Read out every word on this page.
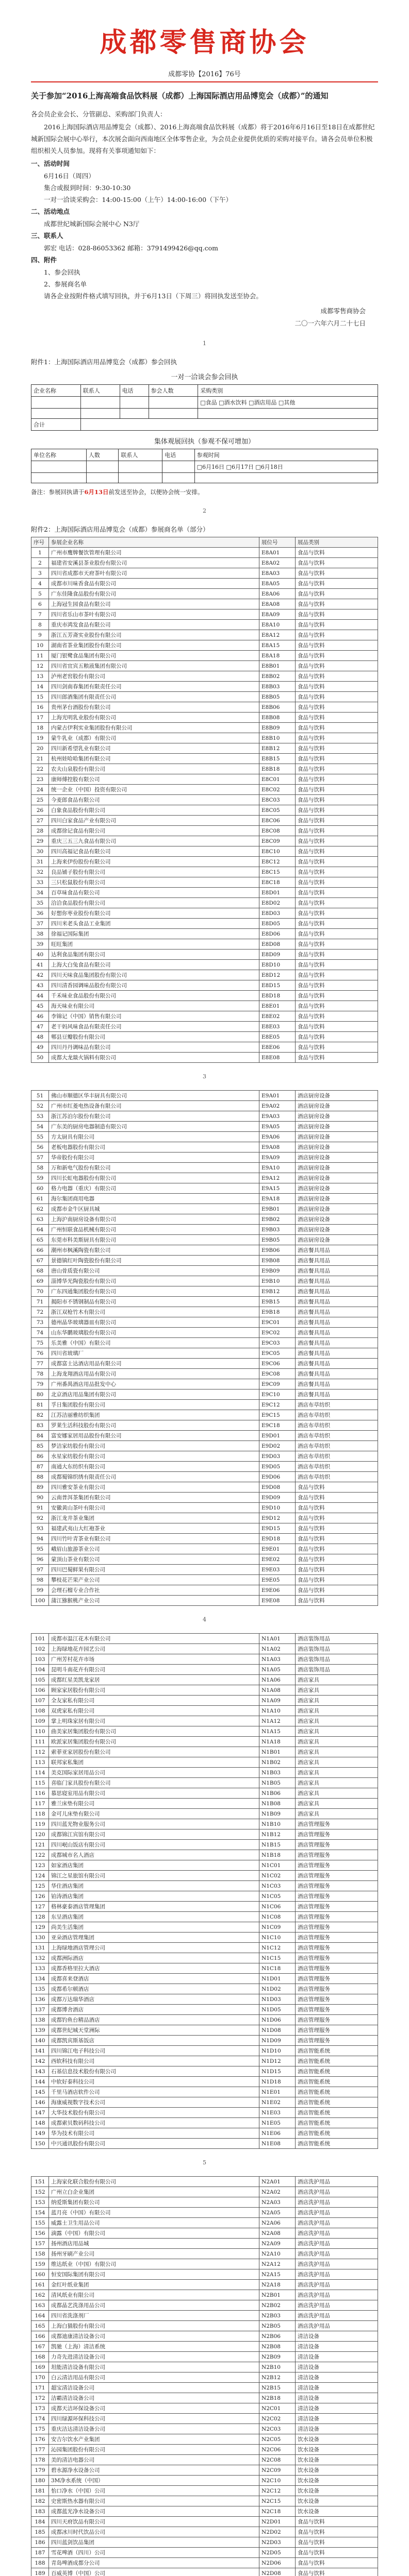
成都零售商协会
成都零协【2016】76号
关于参加“2016上海高端食品饮料展（成都）上海国际酒店用品博览会（成都）”的通知
各会员企业会长、分管副总、采购部门负责人：
2016上海国际酒店用品博览会（成都）、2016上海高端食品饮料展（成都）将于2016年6月16日至18日在成都世纪城新国际会展中心举行，本次展会面向西南地区全体零售企业，为会员企业提供优质的采购对接平台。请各会员单位积极组织相关人员参加。现将有关事项通知如下：
一、活动时间
6月16日（周四）
集合或报到时间：9:30-10:30
一对一洽谈采购会：14:00-15:00（上午）14:00-16:00（下午）
二、活动地点
成都世纪城新国际会展中心 N3厅
三、联系人
郭宏 电话：028-86053362 邮箱：3791499426@qq.com
四、附件
1、参会回执
2、参展商名单
请各企业按附件格式填写回执，并于6月13日（下周三）将回执发送至协会。
成都零售商协会
二〇一六年六月二十七日
1
附件1：上海国际酒店用品博览会（成都）参会回执
一对一洽谈会参会回执
企业名称	联系人	电话	参会人数	采购类别
				□食品 □酒水饮料 □酒店用品 □其他

合计				
集体观展回执（参观不保可增加）
单位名称	人数	联系人	电话	参观时间
				□6月16日 □6月17日 □6月18日

备注：参展回执请于6月13日前发送至协会，以便协会统一安排。
2
附件2：上海国际酒店用品博览会（成都）参展商名单（部分）
序号	参展企业名称	展位号	展品类别
1	广州市鹰牌餐饮管理有限公司	E8A01	食品与饮料
2	福建省安溪县茶业股份有限公司	E8A02	食品与饮料
3	四川省成都市天府茶叶有限公司	E8A03	食品与饮料
4	成都市川味香食品有限公司	E8A05	食品与饮料
5	广东佳隆食品股份有限公司	E8A06	食品与饮料
6	上海冠生园食品有限公司	E8A08	食品与饮料
7	四川省乐山市茶叶有限公司	E8A09	食品与饮料
8	重庆市鸿发食品有限公司	E8A10	食品与饮料
9	浙江五芳斋实业股份有限公司	E8A12	食品与饮料
10	湖南省茶业集团股份有限公司	E8A15	食品与饮料
11	厦门银鹭食品集团有限公司	E8A18	食品与饮料
12	四川省宜宾五粮液集团有限公司	E8B01	食品与饮料
13	泸州老窖股份有限公司	E8B02	食品与饮料
14	四川剑南春集团有限责任公司	E8B03	食品与饮料
15	四川郎酒集团有限责任公司	E8B05	食品与饮料
16	贵州茅台酒股份有限公司	E8B06	食品与饮料
17	上海光明乳业股份有限公司	E8B08	食品与饮料
18	内蒙古伊利实业集团股份有限公司	E8B09	食品与饮料
19	蒙牛乳业（成都）有限公司	E8B10	食品与饮料
20	四川新希望乳业有限公司	E8B12	食品与饮料
21	杭州娃哈哈集团有限公司	E8B15	食品与饮料
22	农夫山泉股份有限公司	E8B18	食品与饮料
23	康师傅控股有限公司	E8C01	食品与饮料
24	统一企业（中国）投资有限公司	E8C02	食品与饮料
25	今麦郎食品有限公司	E8C03	食品与饮料
26	白象食品股份有限公司	E8C05	食品与饮料
27	四川白家食品产业有限公司	E8C06	食品与饮料
28	成都徐记食品有限公司	E8C08	食品与饮料
29	重庆三五三九食品有限公司	E8C09	食品与饮料
30	四川高福记食品有限公司	E8C10	食品与饮料
31	上海来伊份股份有限公司	E8C12	食品与饮料
32	良品铺子股份有限公司	E8C15	食品与饮料
33	三只松鼠股份有限公司	E8C18	食品与饮料
34	百草味食品有限公司	E8D01	食品与饮料
35	洽洽食品股份有限公司	E8D02	食品与饮料
36	好想你枣业股份有限公司	E8D03	食品与饮料
37	四川米老头食品工业集团	E8D05	食品与饮料
38	徐福记国际集团	E8D06	食品与饮料
39	旺旺集团	E8D08	食品与饮料
40	达利食品集团有限公司	E8D09	食品与饮料
41	上海大白兔食品有限公司	E8D10	食品与饮料
42	四川天味食品集团股份有限公司	E8D12	食品与饮料
43	四川清香园调味品股份有限公司	E8D15	食品与饮料
44	千禾味业食品股份有限公司	E8D18	食品与饮料
45	海天味业有限公司	E8E01	食品与饮料
46	李锦记（中国）销售有限公司	E8E02	食品与饮料
47	老干妈风味食品有限责任公司	E8E03	食品与饮料
48	郫县豆瓣股份有限公司	E8E05	食品与饮料
49	四川丹丹调味品有限公司	E8E06	食品与饮料
50	成都大龙燚火锅料有限公司	E8E08	食品与饮料
3
51	佛山市顺德区华丰厨具有限公司	E9A01	酒店厨房设备
52	广州市红菱电热设备有限公司	E9A02	酒店厨房设备
53	浙江苏泊尔股份有限公司	E9A03	酒店厨房设备
54	广东美的厨房电器制造有限公司	E9A05	酒店厨房设备
55	方太厨具有限公司	E9A06	酒店厨房设备
56	老板电器股份有限公司	E9A08	酒店厨房设备
57	华帝股份有限公司	E9A09	酒店厨房设备
58	万和新电气股份有限公司	E9A10	酒店厨房设备
59	四川长虹电器股份有限公司	E9A12	酒店厨房设备
60	格力电器（重庆）有限公司	E9A15	酒店厨房设备
61	海尔集团商用电器	E9A18	酒店厨房设备
62	成都市金牛区厨具城	E9B01	酒店厨房设备
63	上海沪南厨房设备有限公司	E9B02	酒店厨房设备
64	广州恒联食品机械有限公司	E9B03	酒店厨房设备
65	东莞市科美斯厨具有限公司	E9B05	酒店厨房设备
66	潮州市枫溪陶瓷有限公司	E9B06	酒店餐具用品
67	景德镇红叶陶瓷股份有限公司	E9B08	酒店餐具用品
68	唐山骨质瓷有限公司	E9B09	酒店餐具用品
69	淄博华光陶瓷股份有限公司	E9B10	酒店餐具用品
70	广东四通集团股份有限公司	E9B12	酒店餐具用品
71	揭阳市不锈钢制品有限公司	E9B15	酒店餐具用品
72	浙江双枪竹木有限公司	E9B18	酒店餐具用品
73	德州晶华玻璃器皿有限公司	E9C01	酒店餐具用品
74	山东华鹏玻璃股份有限公司	E9C02	酒店餐具用品
75	乐美雅（中国）有限公司	E9C03	酒店餐具用品
76	四川省玻璃厂	E9C05	酒店餐具用品
77	成都富士达酒店用品有限公司	E9C06	酒店餐具用品
78	上海龙翔酒店用品有限公司	E9C08	酒店餐具用品
79	广州番禺酒店用品批发中心	E9C09	酒店餐具用品
80	北京酒店用品集团有限公司	E9C10	酒店餐具用品
81	孚日集团股份有限公司	E9C12	酒店布草纺织
82	江苏洁丽雅纺织集团	E9C15	酒店布草纺织
83	罗莱生活科技股份有限公司	E9C18	酒店布草纺织
84	富安娜家居用品股份有限公司	E9D01	酒店布草纺织
85	梦洁家纺股份有限公司	E9D02	酒店布草纺织
86	水星家纺股份有限公司	E9D03	酒店布草纺织
87	南通大东纺织有限公司	E9D05	酒店布草纺织
88	成都蜀锦织绣有限责任公司	E9D06	酒店布草纺织
89	四川雅安茶业有限公司	E9D08	食品与饮料
90	云南普洱茶集团有限公司	E9D09	食品与饮料
91	安徽黄山茶叶有限公司	E9D10	食品与饮料
92	浙江龙井茶业集团	E9D12	食品与饮料
93	福建武夷山大红袍茶业	E9D15	食品与饮料
94	四川竹叶青茶业有限公司	E9D18	食品与饮料
95	峨眉山旅游茶业公司	E9E01	食品与饮料
96	蒙顶山茶业有限公司	E9E02	食品与饮料
97	四川巴蜀鲜果有限公司	E9E03	食品与饮料
98	攀枝花芒果产业公司	E9E05	食品与饮料
99	会理石榴专业合作社	E9E06	食品与饮料
100	蒲江猕猴桃产业公司	E9E08	食品与饮料
4
101	成都市温江花木有限公司	N1A01	酒店装饰用品
102	上海绿地花卉园艺公司	N1A02	酒店装饰用品
103	广州芳村花卉市场	N1A03	酒店装饰用品
104	昆明斗南花卉有限公司	N1A05	酒店装饰用品
105	成都红星美凯龙家居	N1A06	酒店家具
106	顾家家居股份有限公司	N1A08	酒店家具
107	全友家私有限公司	N1A09	酒店家具
108	双虎家私有限公司	N1A10	酒店家具
109	掌上明珠家居有限公司	N1A12	酒店家具
110	曲美家居集团股份有限公司	N1A15	酒店家具
111	欧派家居集团股份有限公司	N1A18	酒店家具
112	索菲亚家居股份有限公司	N1B01	酒店家具
113	联邦家私集团	N1B02	酒店家具
114	美克国际家居用品公司	N1B03	酒店家具
115	喜临门家具股份有限公司	N1B05	酒店家具
116	慕思寝室用品有限公司	N1B06	酒店家具
117	雅兰床垫有限公司	N1B08	酒店家具
118	金可儿床垫有限公司	N1B09	酒店家具
119	四川蓝光物业服务公司	N1B10	酒店管理服务
120	成都锦江宾馆有限公司	N1B12	酒店管理服务
121	四川岷山饭店有限公司	N1B15	酒店管理服务
122	成都城市名人酒店	N1B18	酒店管理服务
123	如家酒店集团	N1C01	酒店管理服务
124	锦江之星旅馆有限公司	N1C02	酒店管理服务
125	华住酒店集团	N1C03	酒店管理服务
126	铂涛酒店集团	N1C05	酒店管理服务
127	格林豪泰酒店管理集团	N1C06	酒店管理服务
128	东呈酒店集团	N1C08	酒店管理服务
129	尚美生活集团	N1C09	酒店管理服务
130	亚朵酒店管理集团	N1C10	酒店管理服务
131	上海绿地酒店管理公司	N1C12	酒店管理服务
132	成都洲际酒店	N1C15	酒店管理服务
133	成都香格里拉大酒店	N1C18	酒店管理服务
134	成都喜来登酒店	N1D01	酒店管理服务
135	成都希尔顿酒店	N1D02	酒店管理服务
136	成都万达瑞华酒店	N1D03	酒店管理服务
137	成都博舍酒店	N1D05	酒店管理服务
138	成都钓鱼台精品酒店	N1D06	酒店管理服务
139	成都世纪城天堂洲际	N1D08	酒店管理服务
140	成都凯宾斯基饭店	N1D09	酒店管理服务
141	四川锦江电子科技公司	N1D10	酒店智能系统
142	西软科技有限公司	N1D12	酒店智能系统
143	石基信息技术股份有限公司	N1D15	酒店智能系统
144	中软好泰科技公司	N1D18	酒店智能系统
145	千里马酒店软件公司	N1E01	酒店智能系统
146	海康威视数字技术公司	N1E02	酒店智能系统
147	大华技术股份有限公司	N1E03	酒店智能系统
148	成都索贝数码科技公司	N1E05	酒店智能系统
149	华为技术有限公司	N1E06	酒店智能系统
150	中兴通讯股份有限公司	N1E08	酒店智能系统
5
151	上海家化联合股份有限公司	N2A01	酒店洗护用品
152	广州立白企业集团	N2A02	酒店洗护用品
153	纳爱斯集团有限公司	N2A03	酒店洗护用品
154	蓝月亮（中国）有限公司	N2A05	酒店洗护用品
155	威露士卫生用品公司	N2A06	酒店洗护用品
156	滴露（中国）有限公司	N2A08	酒店洗护用品
157	扬州酒店用品城	N2A09	酒店洗护用品
158	扬州牙刷产业公司	N2A10	酒店洗护用品
159	维达纸业（中国）有限公司	N2A12	酒店洗护用品
160	恒安国际集团有限公司	N2A15	酒店洗护用品
161	金红叶纸业集团	N2A18	酒店洗护用品
162	清风纸业有限公司	N2B01	酒店洗护用品
163	成都晶艺洗涤用品公司	N2B02	酒店洗护用品
164	四川省洗涤剂厂	N2B03	酒店洗护用品
165	上海白猫股份有限公司	N2B05	酒店洗护用品
166	成都迪康清洁设备公司	N2B06	清洁设备
167	凯驰（上海）清洁系统	N2B08	清洁设备
168	力奇先进清洁设备公司	N2B09	清洁设备
169	坦能清洁设备有限公司	N2B10	清洁设备
170	白云清洁用品有限公司	N2B12	清洁设备
171	超宝清洁设备公司	N2B15	清洁设备
172	洁霸清洁设备公司	N2B18	清洁设备
173	成都天洁环保设备公司	N2C01	清洁设备
174	四川绿源环保科技公司	N2C02	清洁设备
175	重庆洁达清洁设备公司	N2C03	清洁设备
176	安吉尔饮水产业集团	N2C05	饮水设备
177	沁园集团股份有限公司	N2C06	饮水设备
178	美的清洁电器公司	N2C08	饮水设备
179	碧水源净水设备公司	N2C09	饮水设备
180	3M净水系统（中国）	N2C10	饮水设备
181	怡口净水（中国）公司	N2C12	饮水设备
182	史密斯热水器有限公司	N2C15	饮水设备
183	成都蓝光净水设备公司	N2C18	饮水设备
184	四川天府饮品有限公司	N2D01	食品与饮料
185	成都冰川时代饮品公司	N2D02	食品与饮料
186	四川蓝剑饮品集团	N2D03	食品与饮料
187	雪花啤酒（四川）公司	N2D05	食品与饮料
188	青岛啤酒成都分公司	N2D06	食品与饮料
189	百威英博（中国）公司	N2D08	食品与饮料
